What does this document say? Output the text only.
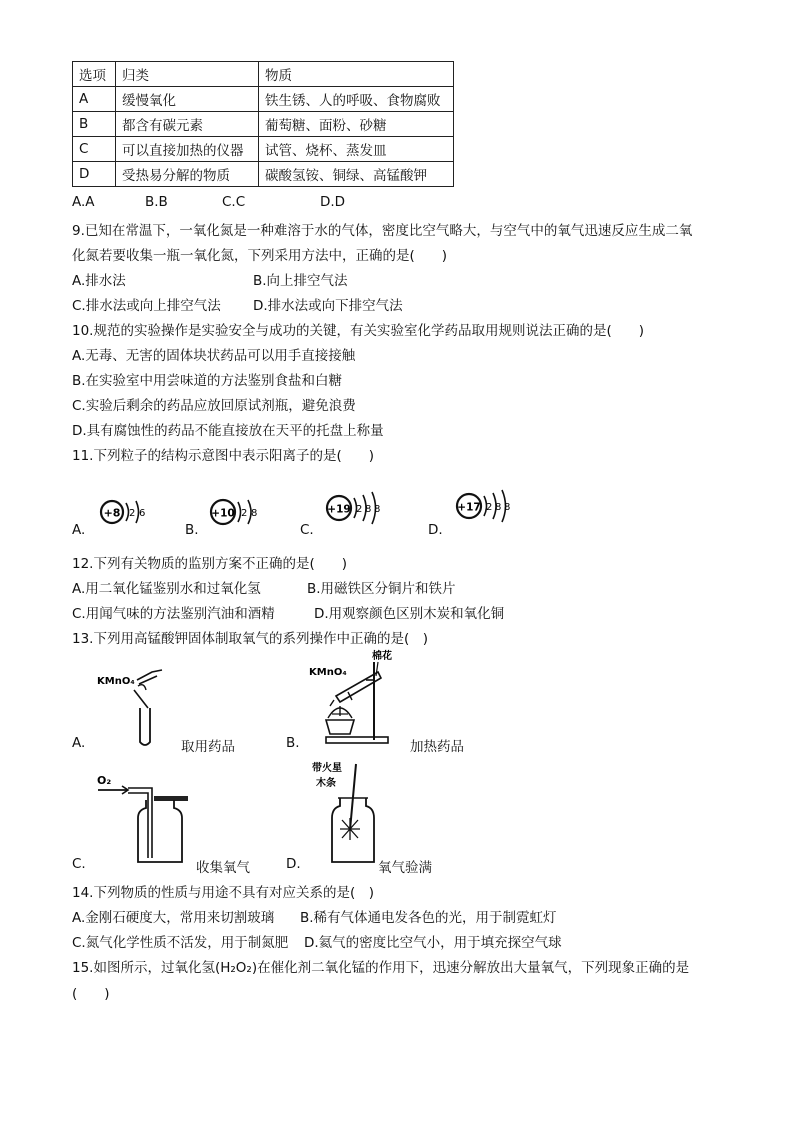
选项	归类	物质
A	缓慢氧化	铁生锈、人的呼吸、食物腐败
B	都含有碳元素	葡萄糖、面粉、砂糖
C	可以直接加热的仪器	试管、烧杯、蒸发皿
D	受热易分解的物质	碳酸氢铵、铜绿、高锰酸钾
A.A	B.B	C.C	D.D
9.已知在常温下，一氧化氮是一种难溶于水的气体，密度比空气略大，与空气中的氧气迅速反应生成二氧
化氮若要收集一瓶一氧化氮，下列采用方法中，正确的是(　　)
A.排水法	B.向上排空气法
C.排水法或向上排空气法 D.排水法或向下排空气法
10.规范的实验操作是实验安全与成功的关键，有关实验室化学药品取用规则说法正确的是(　　)
A.无毒、无害的固体块状药品可以用手直接接触
B.在实验室中用尝味道的方法鉴别食盐和白糖
C.实验后剩余的药品应放回原试剂瓶，避免浪费
D.具有腐蚀性的药品不能直接放在天平的托盘上称量
11.下列粒子的结构示意图中表示阳离子的是(　　)
A.
+8 2 6
B.
+10 2 8
C.
+19 2 8 8
D.
+17 2 8 8
12.下列有关物质的监别方案不正确的是(　　)
A.用二氧化锰鉴别水和过氧化氢	B.用磁铁区分铜片和铁片
C.用闻气味的方法鉴别汽油和酒精	D.用观察颜色区别木炭和氧化铜
13.下列用高锰酸钾固体制取氧气的系列操作中正确的是(　)
A.
KMnO₄
取用药品	B.
KMnO₄
棉花
加热药品
C.
O₂
收集氧气	D.
带火星
木条
氧气验满
14.下列物质的性质与用途不具有对应关系的是(　)
A.金刚石硬度大，常用来切割玻璃 B.稀有气体通电发各色的光，用于制霓虹灯
C.氮气化学性质不活发，用于制氮肥 D.氦气的密度比空气小，用于填充探空气球
15.如图所示，过氧化氢(H₂O₂)在催化剂二氧化锰的作用下，迅速分解放出大量氧气，下列现象正确的是
(　　)
